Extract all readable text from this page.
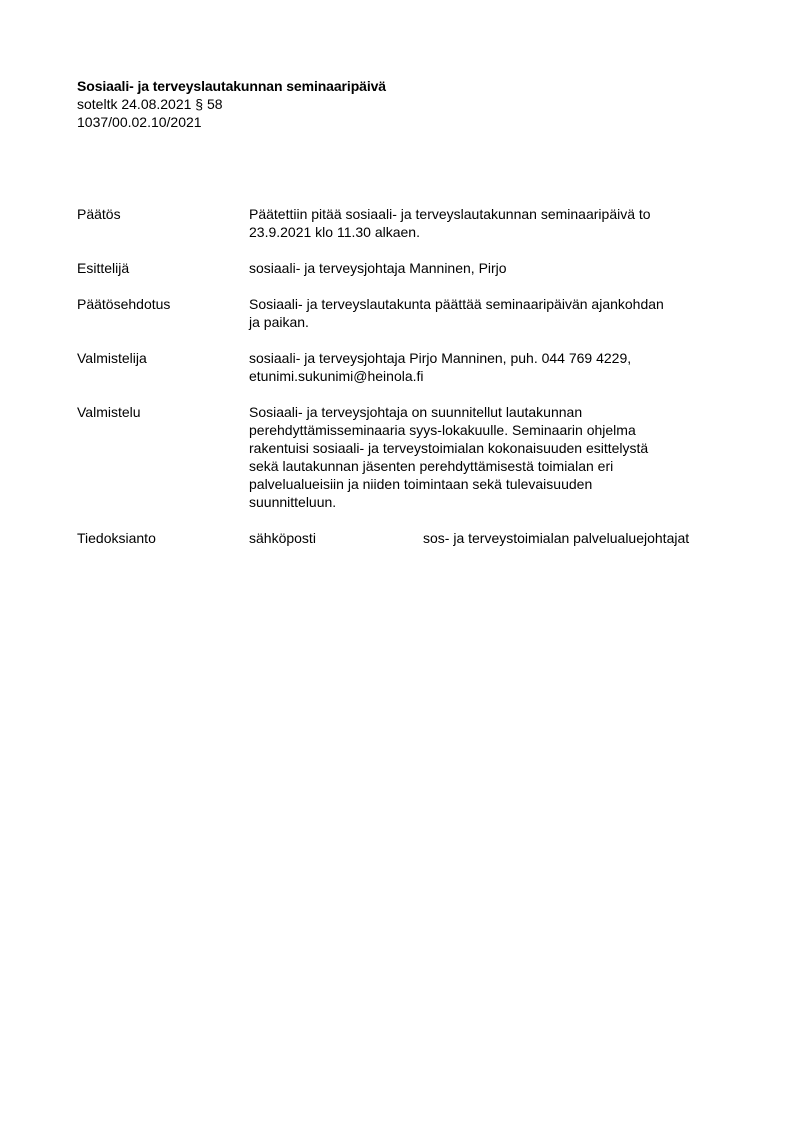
Sosiaali- ja terveyslautakunnan seminaaripäivä
soteltk 24.08.2021 § 58
1037/00.02.10/2021
Päätös	Päätettiin pitää sosiaali- ja terveyslautakunnan seminaaripäivä to
23.9.2021 klo 11.30 alkaen.
Esittelijä	sosiaali- ja terveysjohtaja Manninen, Pirjo
Päätösehdotus	Sosiaali- ja terveyslautakunta päättää seminaaripäivän ajankohdan
ja paikan.
Valmistelija	sosiaali- ja terveysjohtaja Pirjo Manninen, puh. 044 769 4229,
etunimi.sukunimi@heinola.fi
Valmistelu	Sosiaali- ja terveysjohtaja on suunnitellut lautakunnan
perehdyttämisseminaaria syys-lokakuulle. Seminaarin ohjelma
rakentuisi sosiaali- ja terveystoimialan kokonaisuuden esittelystä
sekä lautakunnan jäsenten perehdyttämisestä toimialan eri
palvelualueisiin ja niiden toimintaan sekä tulevaisuuden
suunnitteluun.
Tiedoksianto	sähköposti	sos- ja terveystoimialan palvelualuejohtajat
